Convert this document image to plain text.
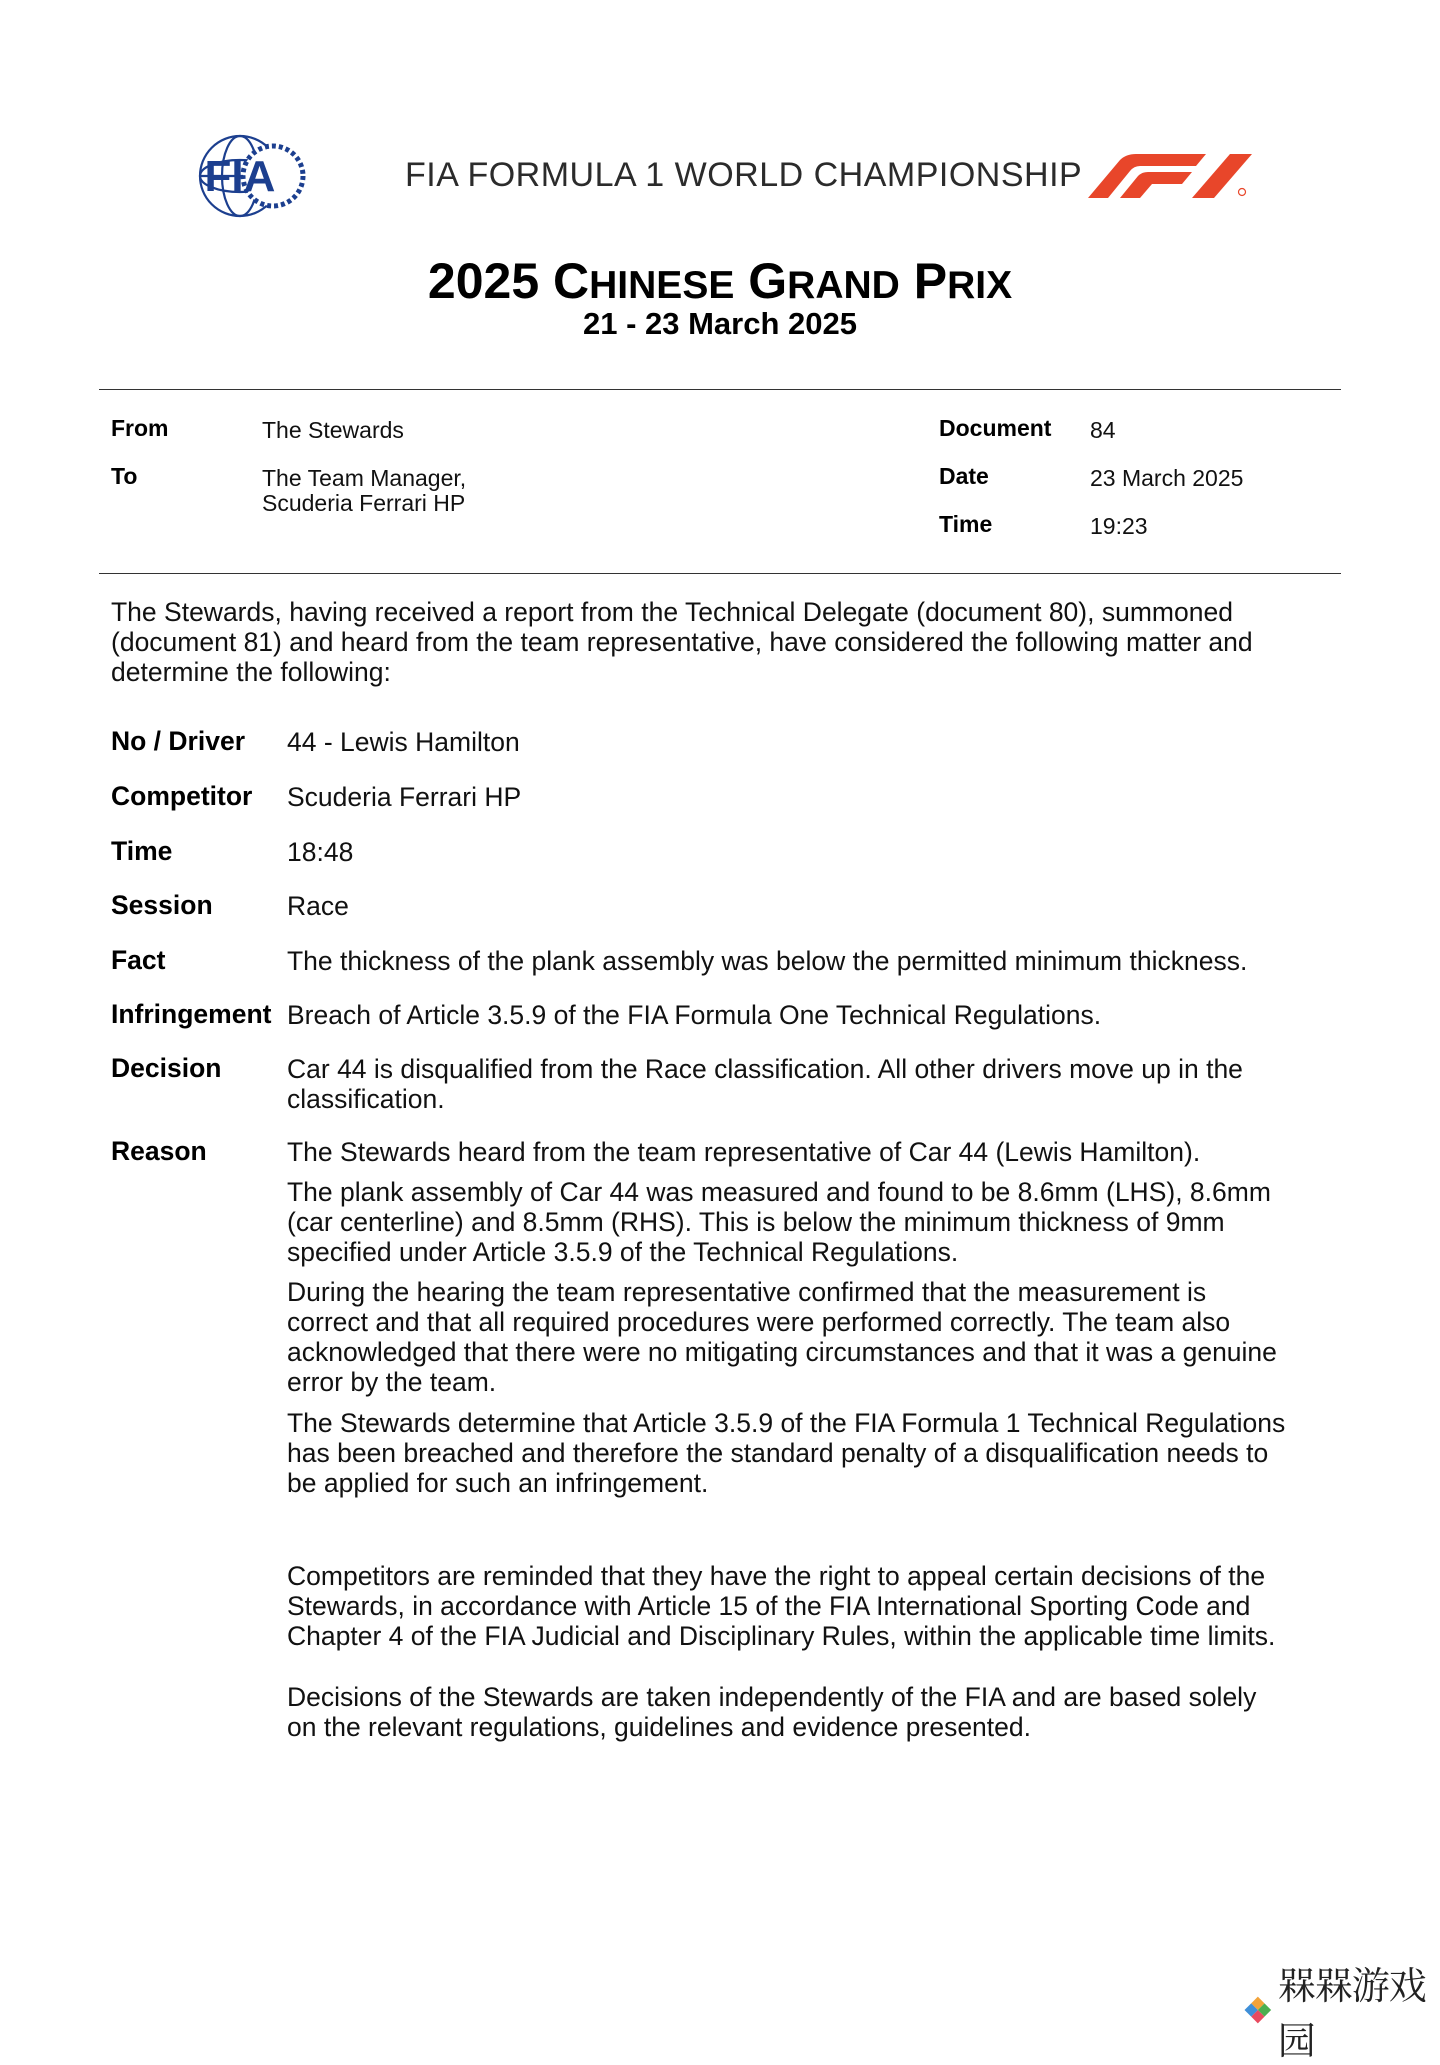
FIA	FIA FORMULA 1 WORLD CHAMPIONSHIP
2025 CHINESE GRAND PRIX
21 - 23 March 2025
From	The Stewards
To	The Team Manager,
Scuderia Ferrari HP
Document 84
Date	23 March 2025
Time	19:23
The Stewards, having received a report from the Technical Delegate (document 80), summoned
(document 81) and heard from the team representative, have considered the following matter and
determine the following:
No / Driver 44 - Lewis Hamilton
Competitor Scuderia Ferrari HP
Time	18:48
Session	Race
Fact	The thickness of the plank assembly was below the permitted minimum thickness.
Infringement Breach of Article 3.5.9 of the FIA Formula One Technical Regulations.
Decision Car 44 is disqualified from the Race classification. All other drivers move up in the
classification.
Reason	The Stewards heard from the team representative of Car 44 (Lewis Hamilton).
The plank assembly of Car 44 was measured and found to be 8.6mm (LHS), 8.6mm
(car centerline) and 8.5mm (RHS). This is below the minimum thickness of 9mm
specified under Article 3.5.9 of the Technical Regulations.
During the hearing the team representative confirmed that the measurement is
correct and that all required procedures were performed correctly. The team also
acknowledged that there were no mitigating circumstances and that it was a genuine
error by the team.
The Stewards determine that Article 3.5.9 of the FIA Formula 1 Technical Regulations
has been breached and therefore the standard penalty of a disqualification needs to
be applied for such an infringement.
Competitors are reminded that they have the right to appeal certain decisions of the
Stewards, in accordance with Article 15 of the FIA International Sporting Code and
Chapter 4 of the FIA Judicial and Disciplinary Rules, within the applicable time limits.
Decisions of the Stewards are taken independently of the FIA and are based solely
on the relevant regulations, guidelines and evidence presented.
槑槑游戏园
